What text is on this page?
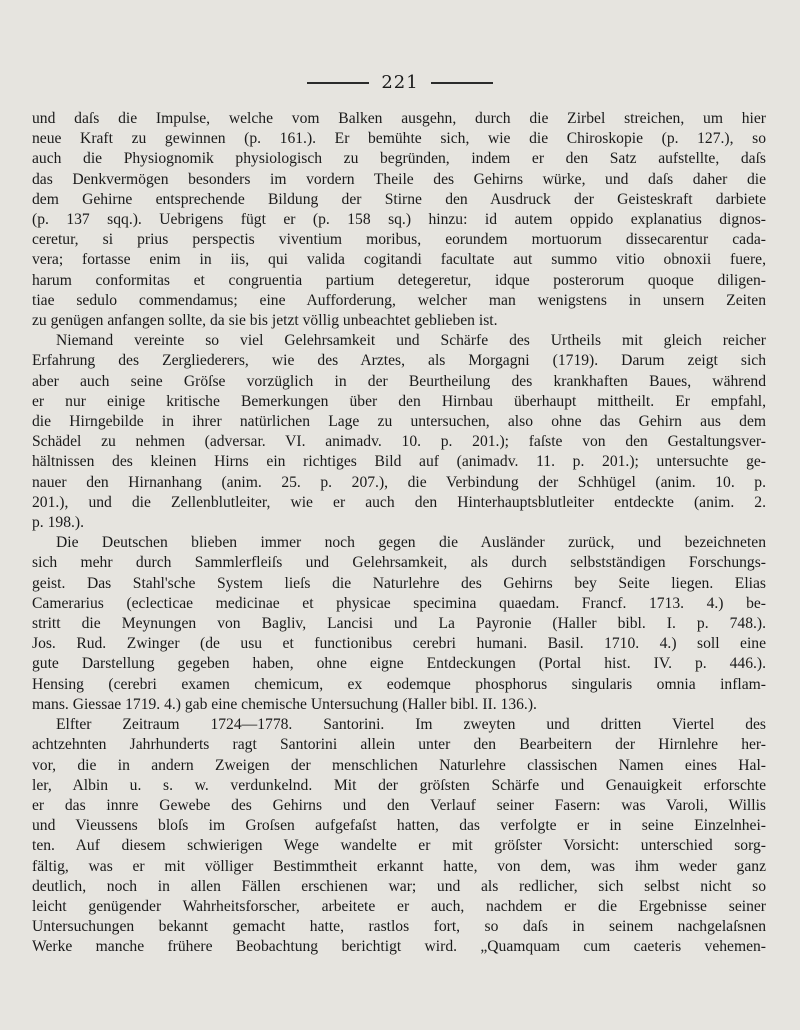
221

und daſs die Impulse, welche vom Balken ausgehn, durch die Zirbel streichen, um hier

neue Kraft zu gewinnen (p. 161.). Er bemühte sich, wie die Chiroskopie (p. 127.), so

auch die Physiognomik physiologisch zu begründen, indem er den Satz aufstellte, daſs

das Denkvermögen besonders im vordern Theile des Gehirns würke, und daſs daher die

dem Gehirne entsprechende Bildung der Stirne den Ausdruck der Geisteskraft darbiete

(p. 137 sqq.). Uebrigens fügt er (p. 158 sq.) hinzu: id autem oppido explanatius dignos-

ceretur, si prius perspectis viventium moribus, eorundem mortuorum dissecarentur cada-

vera; fortasse enim in iis, qui valida cogitandi facultate aut summo vitio obnoxii fuere,

harum conformitas et congruentia partium detegeretur, idque posterorum quoque diligen-

tiae sedulo commendamus; eine Aufforderung, welcher man wenigstens in unsern Zeiten

zu genügen anfangen sollte, da sie bis jetzt völlig unbeachtet geblieben ist.

Niemand vereinte so viel Gelehrsamkeit und Schärfe des Urtheils mit gleich reicher

Erfahrung des Zergliederers, wie des Arztes, als Morgagni (1719). Darum zeigt sich

aber auch seine Gröſse vorzüglich in der Beurtheilung des krankhaften Baues, während

er nur einige kritische Bemerkungen über den Hirnbau überhaupt mittheilt. Er empfahl,

die Hirngebilde in ihrer natürlichen Lage zu untersuchen, also ohne das Gehirn aus dem

Schädel zu nehmen (adversar. VI. animadv. 10. p. 201.); faſste von den Gestaltungsver-

hältnissen des kleinen Hirns ein richtiges Bild auf (animadv. 11. p. 201.); untersuchte ge-

nauer den Hirnanhang (anim. 25. p. 207.), die Verbindung der Schhügel (anim. 10. p.

201.), und die Zellenblutleiter, wie er auch den Hinterhauptsblutleiter entdeckte (anim. 2.

p. 198.).

Die Deutschen blieben immer noch gegen die Ausländer zurück, und bezeichneten

sich mehr durch Sammlerfleiſs und Gelehrsamkeit, als durch selbstständigen Forschungs-

geist. Das Stahl'sche System lieſs die Naturlehre des Gehirns bey Seite liegen. Elias

Camerarius (eclecticae medicinae et physicae specimina quaedam. Francf. 1713. 4.) be-

stritt die Meynungen von Bagliv, Lancisi und La Payronie (Haller bibl. I. p. 748.).

Jos. Rud. Zwinger (de usu et functionibus cerebri humani. Basil. 1710. 4.) soll eine

gute Darstellung gegeben haben, ohne eigne Entdeckungen (Portal hist. IV. p. 446.).

Hensing (cerebri examen chemicum, ex eodemque phosphorus singularis omnia inflam-

mans. Giessae 1719. 4.) gab eine chemische Untersuchung (Haller bibl. II. 136.).

Elfter Zeitraum 1724—1778. Santorini. Im zweyten und dritten Viertel des

achtzehnten Jahrhunderts ragt Santorini allein unter den Bearbeitern der Hirnlehre her-

vor, die in andern Zweigen der menschlichen Naturlehre classischen Namen eines Hal-

ler, Albin u. s. w. verdunkelnd. Mit der gröſsten Schärfe und Genauigkeit erforschte

er das innre Gewebe des Gehirns und den Verlauf seiner Fasern: was Varoli, Willis

und Vieussens bloſs im Groſsen aufgefaſst hatten, das verfolgte er in seine Einzelnhei-

ten. Auf diesem schwierigen Wege wandelte er mit gröſster Vorsicht: unterschied sorg-

fältig, was er mit völliger Bestimmtheit erkannt hatte, von dem, was ihm weder ganz

deutlich, noch in allen Fällen erschienen war; und als redlicher, sich selbst nicht so

leicht genügender Wahrheitsforscher, arbeitete er auch, nachdem er die Ergebnisse seiner

Untersuchungen bekannt gemacht hatte, rastlos fort, so daſs in seinem nachgelaſsnen

Werke manche frühere Beobachtung berichtigt wird. „Quamquam cum caeteris vehemen-
